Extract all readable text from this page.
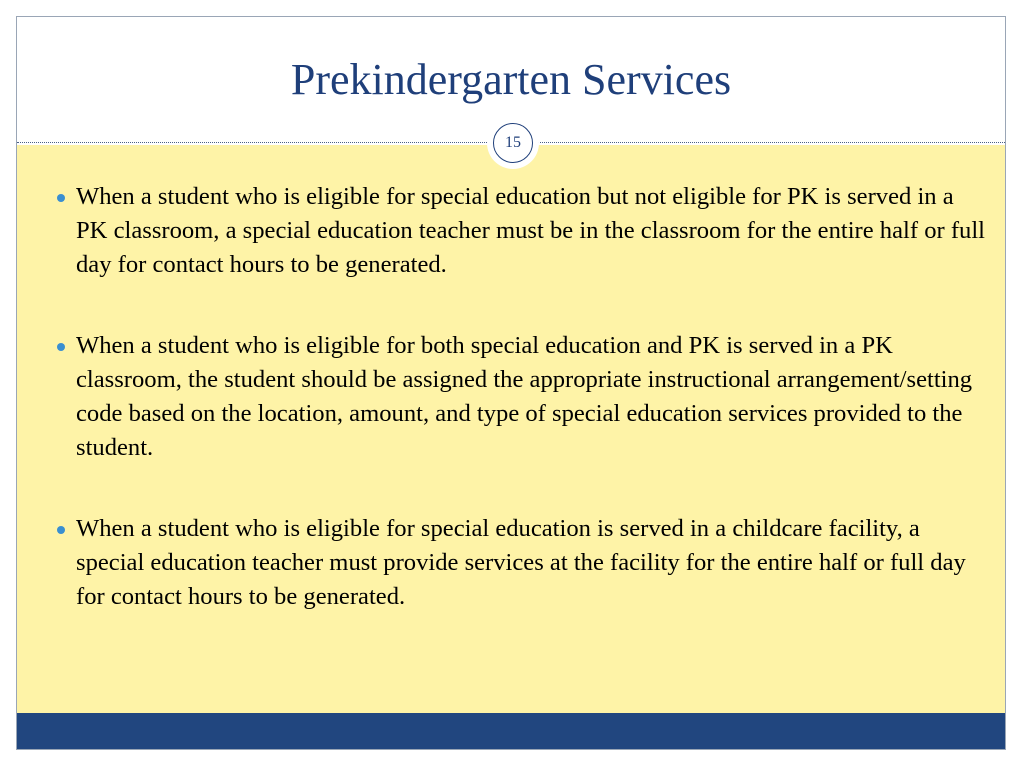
Prekindergarten Services
15
When a student who is eligible for special education but not eligible for PK is served in a PK classroom, a special education teacher must be in the classroom for the entire half or full day for contact hours to be generated.
When a student who is eligible for both special education and PK is served in a PK classroom, the student should be assigned the appropriate instructional arrangement/setting code based on the location, amount, and type of special education services provided to the student.
When a student who is eligible for special education is served in a childcare facility, a special education teacher must provide services at the facility for the entire half or full day for contact hours to be generated.
